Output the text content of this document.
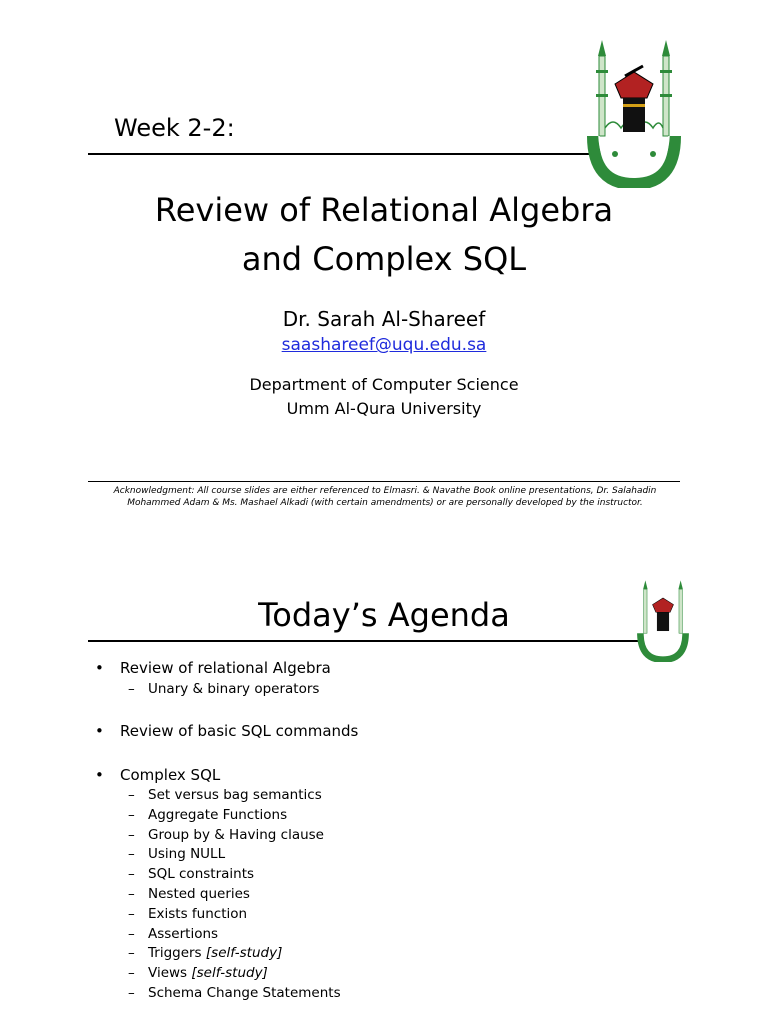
Week 2-2:
Review of Relational Algebra
and Complex SQL
Dr. Sarah Al-Shareef
saashareef@uqu.edu.sa
Department of Computer Science
Umm Al-Qura University
Acknowledgment: All course slides are either referenced to Elmasri. & Navathe Book online presentations, Dr. Salahadin
Mohammed Adam & Ms. Mashael Alkadi (with certain amendments) or are personally developed by the instructor.
Today’s Agenda
• Review of relational Algebra
– Unary & binary operators
• Review of basic SQL commands
• Complex SQL
– Set versus bag semantics
– Aggregate Functions
– Group by & Having clause
– Using NULL
– SQL constraints
– Nested queries
– Exists function
– Assertions
– Triggers [self-study]
– Views [self-study]
– Schema Change Statements
